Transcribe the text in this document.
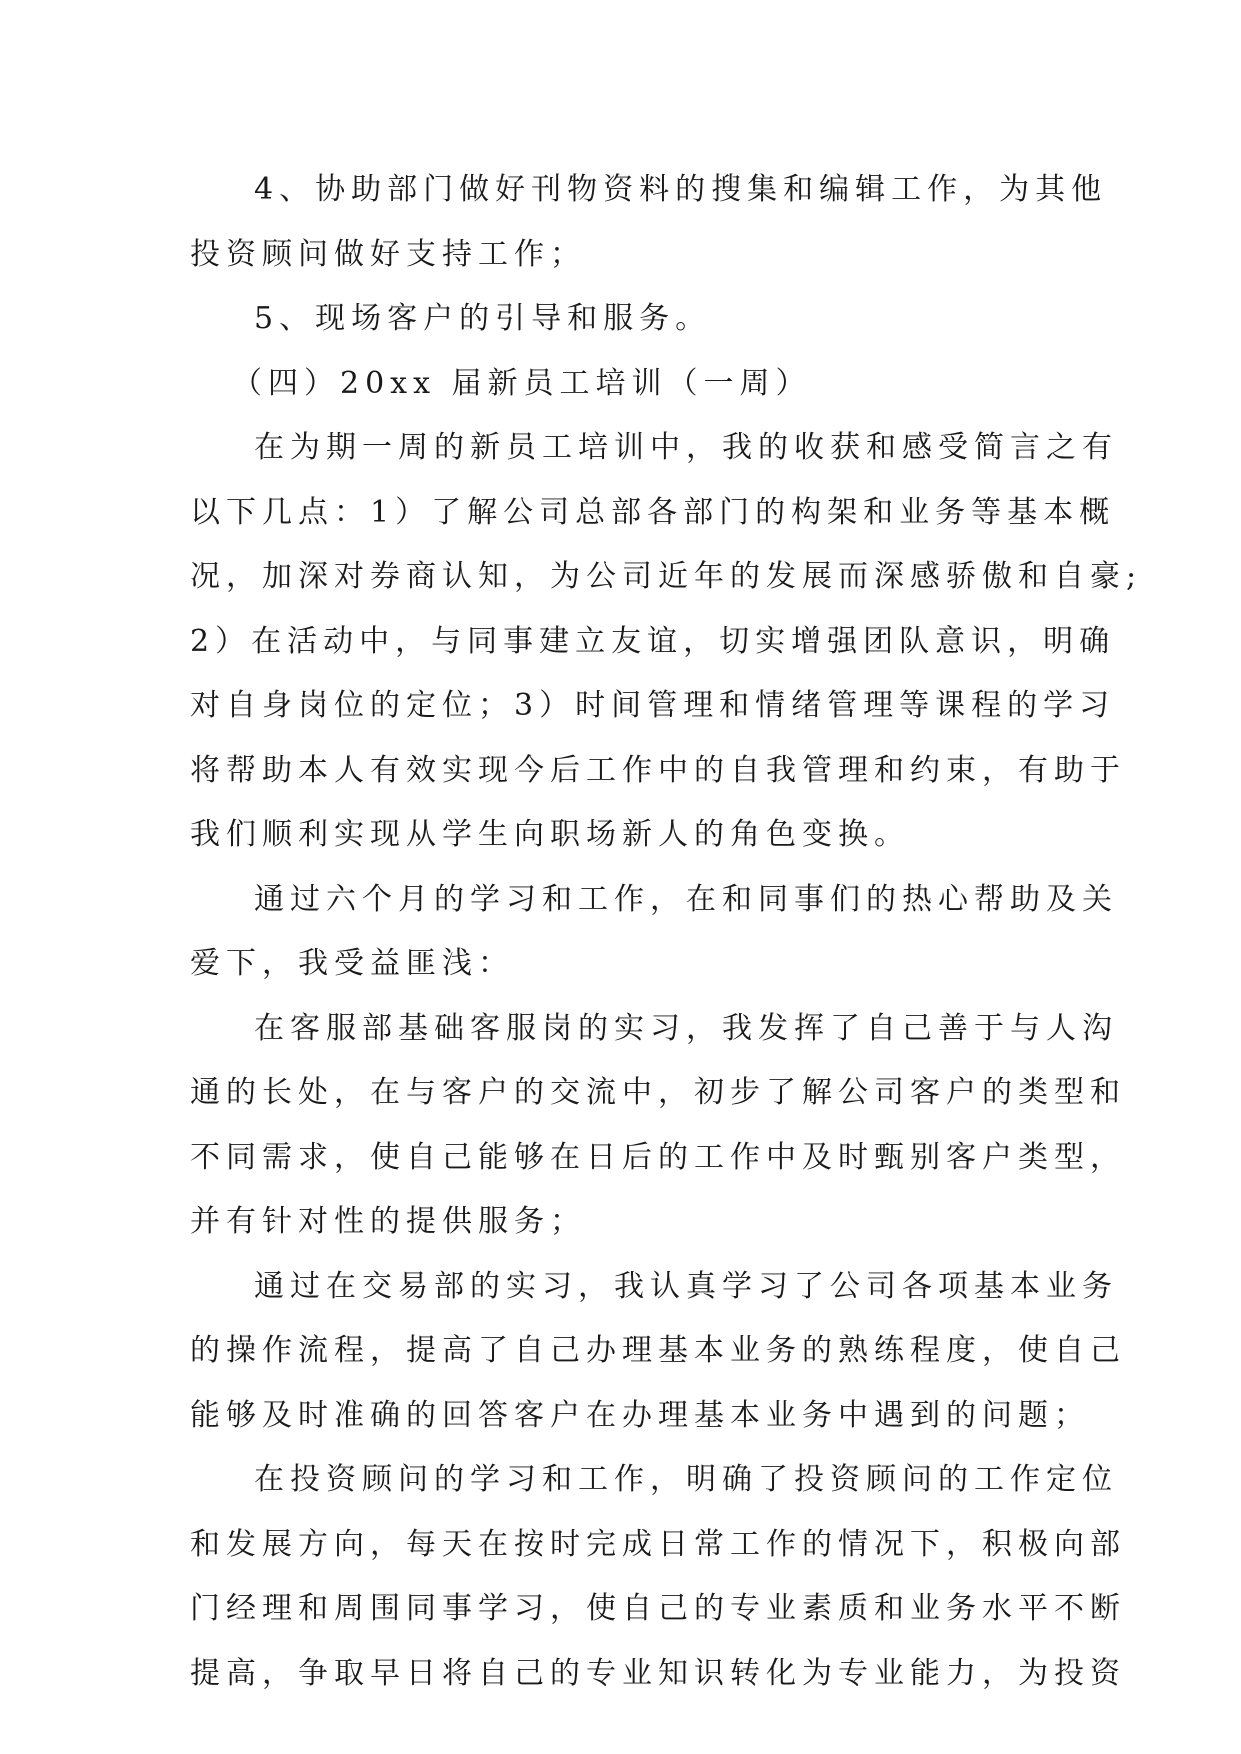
4、协助部门做好刊物资料的搜集和编辑工作，为其他
投资顾问做好支持工作；
5、现场客户的引导和服务。
（四）20xx 届新员工培训（一周）
在为期一周的新员工培训中，我的收获和感受简言之有
以下几点：1）了解公司总部各部门的构架和业务等基本概
况，加深对券商认知，为公司近年的发展而深感骄傲和自豪;
2）在活动中，与同事建立友谊，切实增强团队意识，明确
对自身岗位的定位；3）时间管理和情绪管理等课程的学习
将帮助本人有效实现今后工作中的自我管理和约束，有助于
我们顺利实现从学生向职场新人的角色变换。
通过六个月的学习和工作，在和同事们的热心帮助及关
爱下，我受益匪浅：
在客服部基础客服岗的实习，我发挥了自己善于与人沟
通的长处，在与客户的交流中，初步了解公司客户的类型和
不同需求，使自己能够在日后的工作中及时甄别客户类型，
并有针对性的提供服务；
通过在交易部的实习，我认真学习了公司各项基本业务
的操作流程，提高了自己办理基本业务的熟练程度，使自己
能够及时准确的回答客户在办理基本业务中遇到的问题；
在投资顾问的学习和工作，明确了投资顾问的工作定位
和发展方向，每天在按时完成日常工作的情况下，积极向部
门经理和周围同事学习，使自己的专业素质和业务水平不断
提高，争取早日将自己的专业知识转化为专业能力，为投资
